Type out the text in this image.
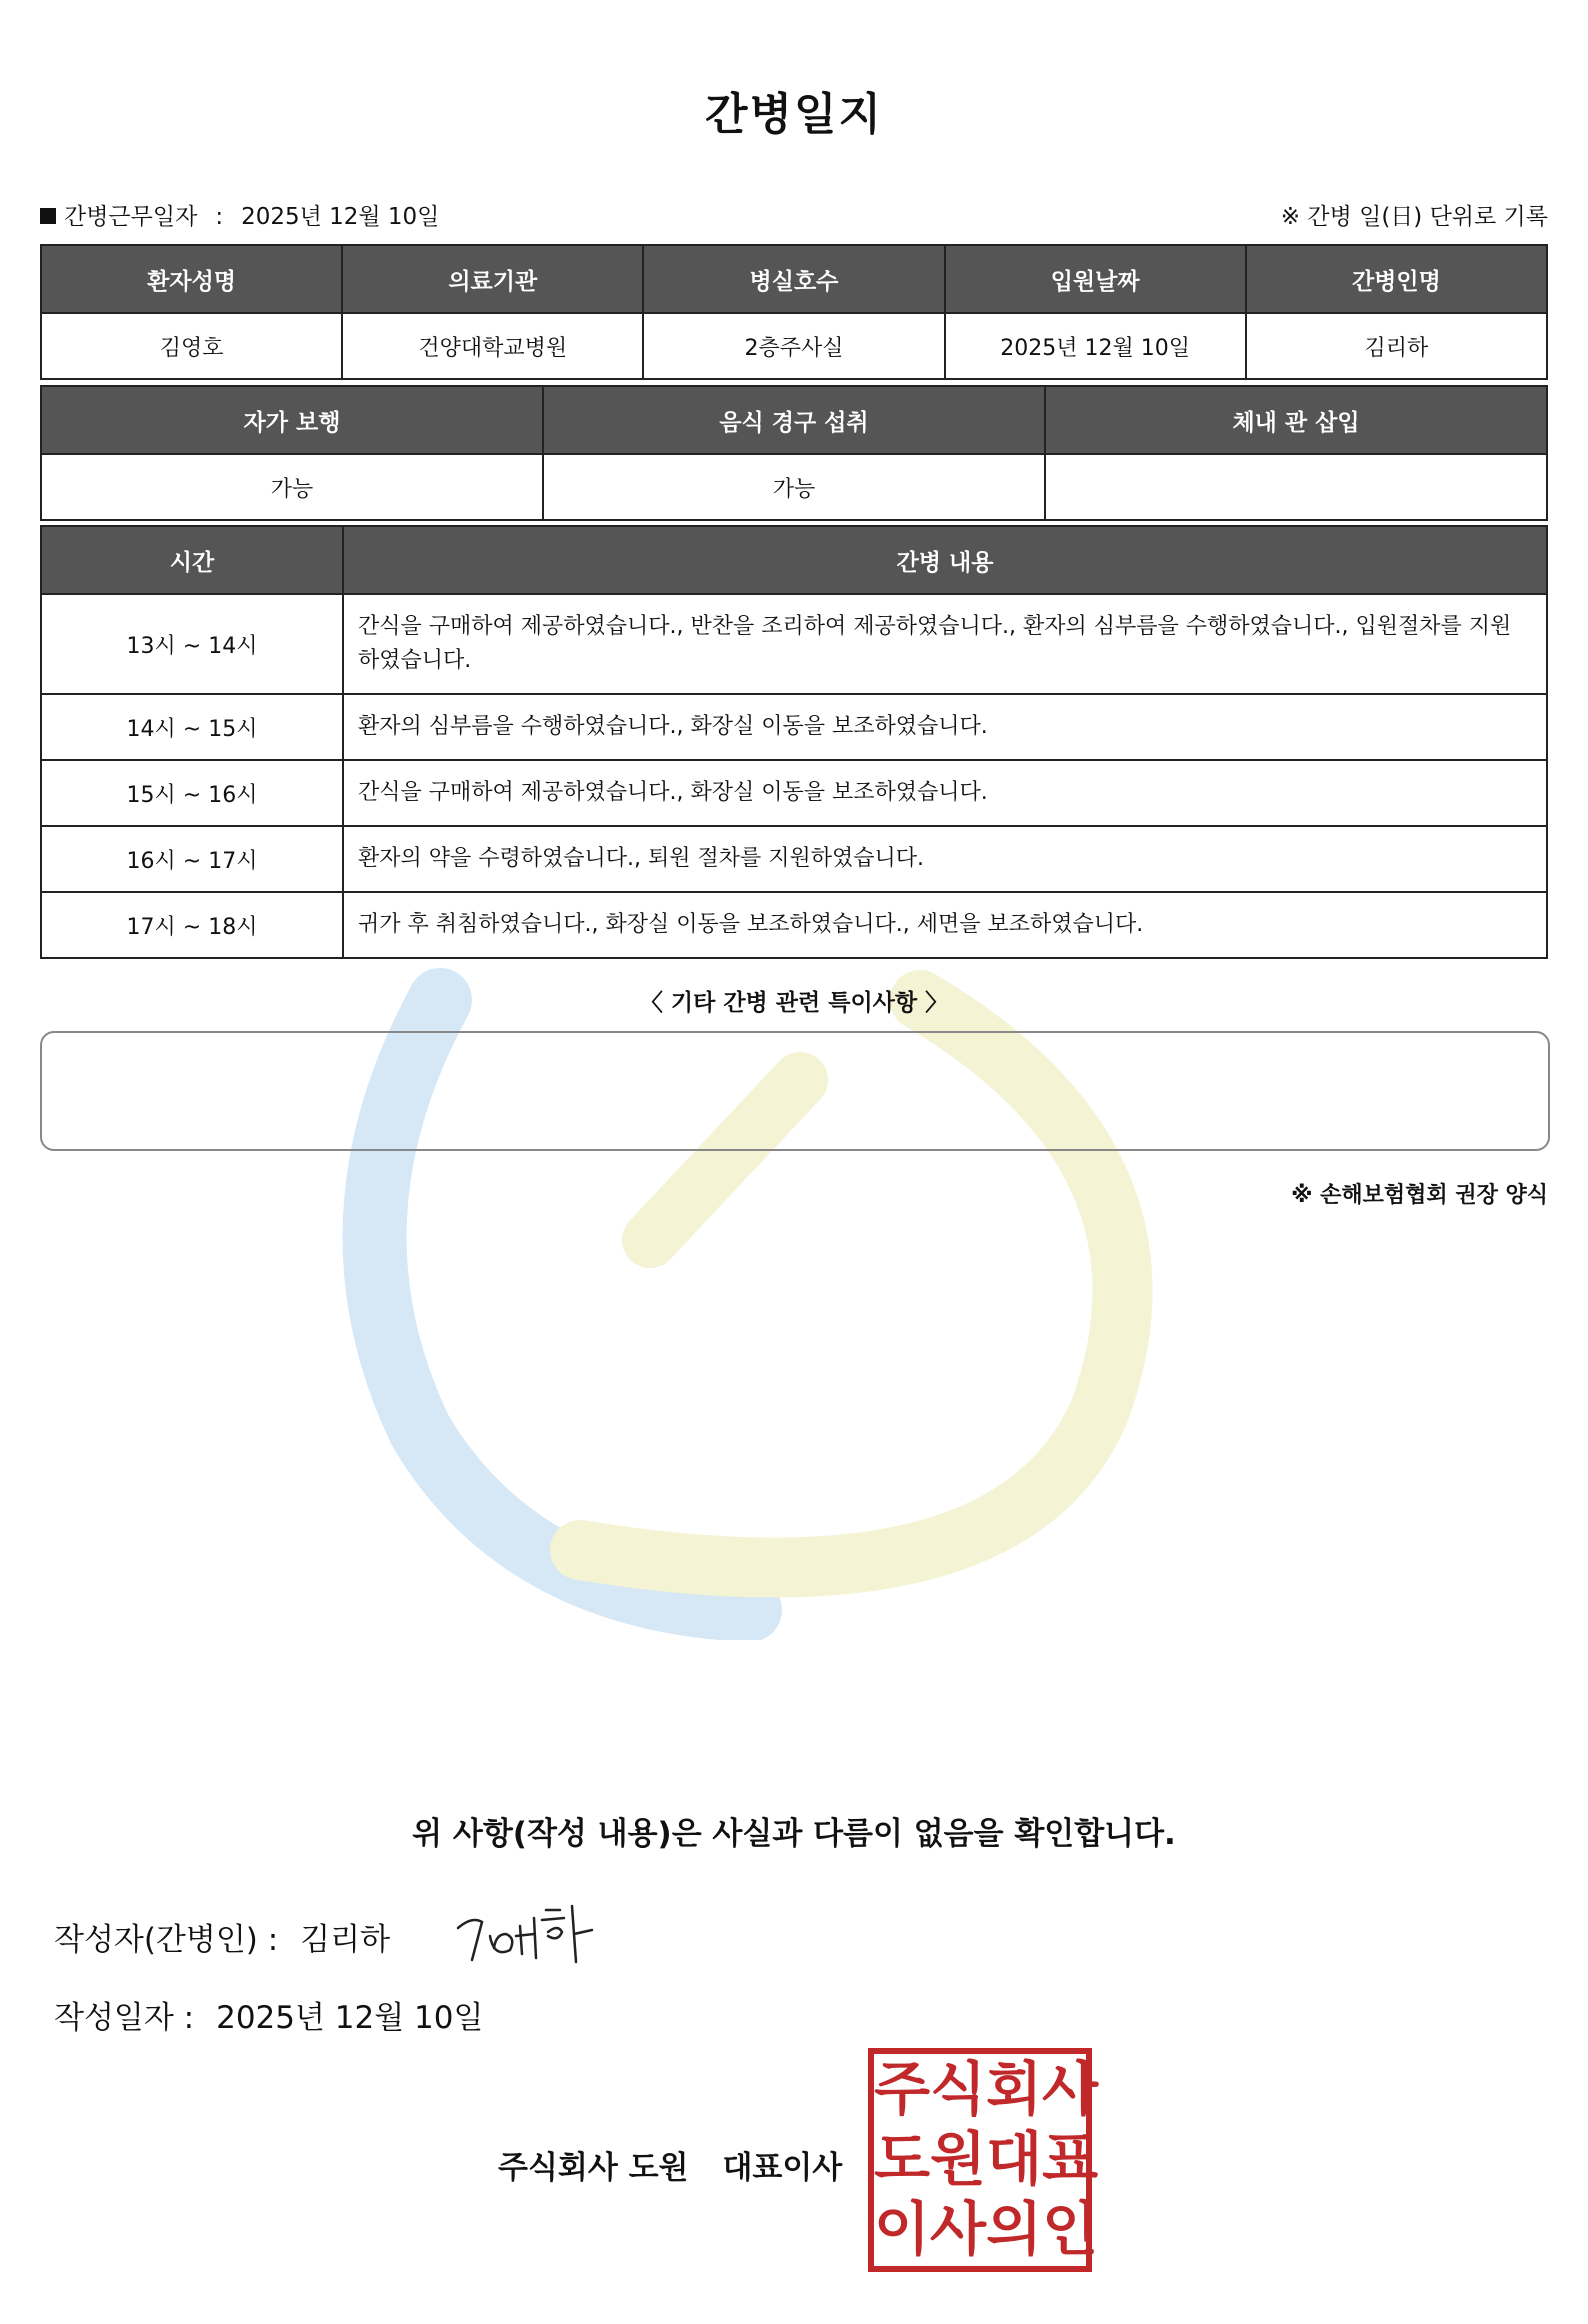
간병일지
간병근무일자 : 2025년 12월 10일	※ 간병 일(日) 단위로 기록
환자성명	의료기관	병실호수	입원날짜	간병인명
김영호	건양대학교병원	2층주사실	2025년 12월 10일	김리하
자가 보행	음식 경구 섭취	체내 관 삽입
가능	가능	
시간	간병 내용
13시 ~ 14시	간식을 구매하여 제공하였습니다., 반찬을 조리하여 제공하였습니다., 환자의 심부름을 수행하였습니다., 입원절차를 지원하였습니다.
14시 ~ 15시	환자의 심부름을 수행하였습니다., 화장실 이동을 보조하였습니다.
15시 ~ 16시	간식을 구매하여 제공하였습니다., 화장실 이동을 보조하였습니다.
16시 ~ 17시	환자의 약을 수령하였습니다., 퇴원 절차를 지원하였습니다.
17시 ~ 18시	귀가 후 취침하였습니다., 화장실 이동을 보조하였습니다., 세면을 보조하였습니다.
〈 기타 간병 관련 특이사항 〉
※ 손해보험협회 권장 양식
위 사항(작성 내용)은 사실과 다름이 없음을 확인합니다.
작성자(간병인) : 김리하
작성일자 : 2025년 12월 10일
주식회사 도원 대표이사
주 식 회 사
도 원 대 표
이 사 의 인
